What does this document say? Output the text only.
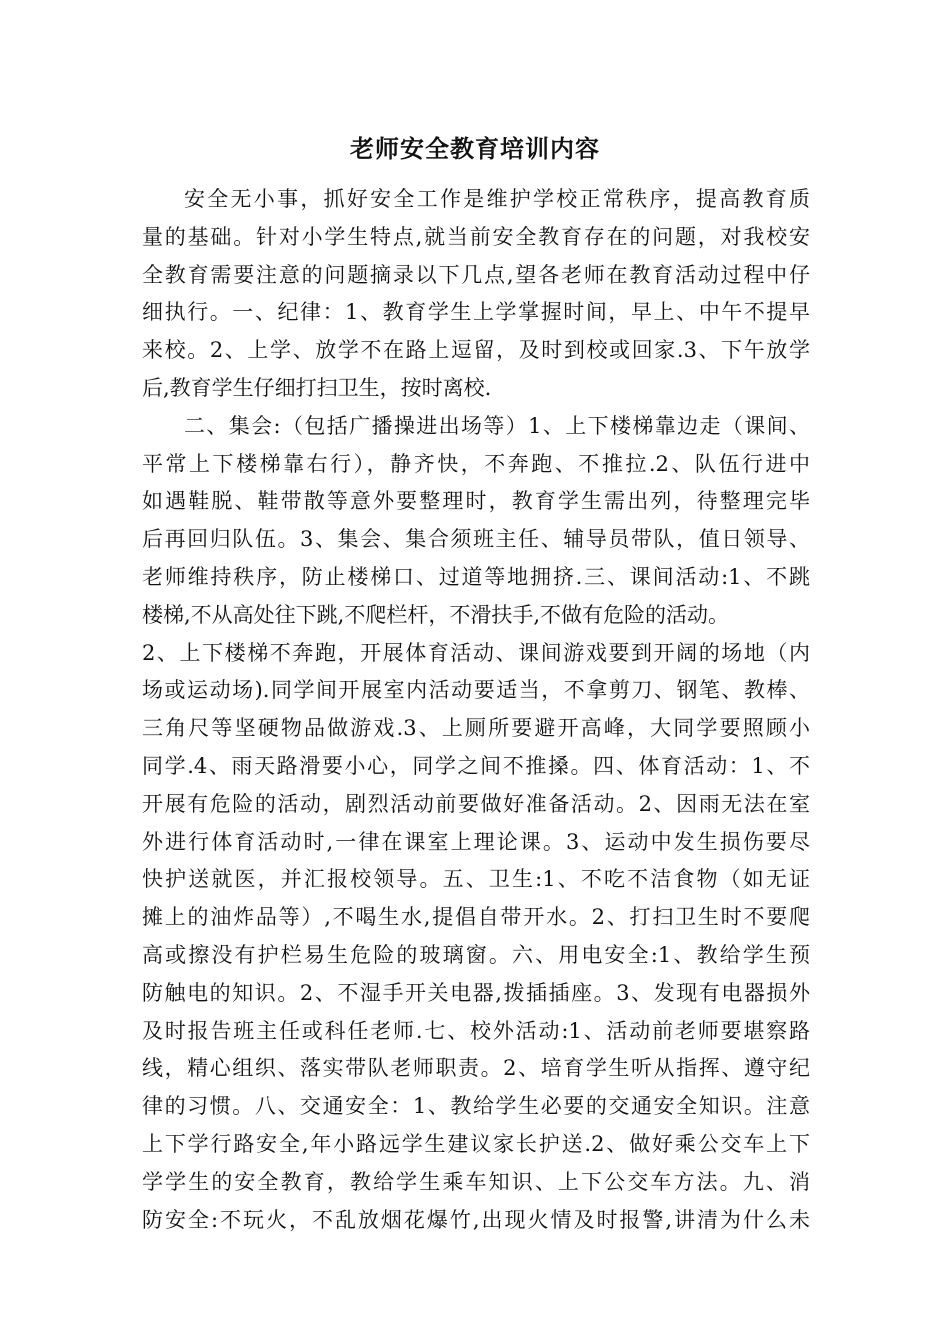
老师安全教育培训内容
安全无小事，抓好安全工作是维护学校正常秩序，提高教育质
量的基础。针对小学生特点,就当前安全教育存在的问题，对我校安
全教育需要注意的问题摘录以下几点,望各老师在教育活动过程中仔
细执行。一、纪律：1、教育学生上学掌握时间，早上、中午不提早
来校。2、上学、放学不在路上逗留，及时到校或回家.3、下午放学
后,教育学生仔细打扫卫生，按时离校.
二、集会:（包括广播操进出场等）1、上下楼梯靠边走（课间、
平常上下楼梯靠右行），静齐快，不奔跑、不推拉.2、队伍行进中
如遇鞋脱、鞋带散等意外要整理时，教育学生需出列，待整理完毕
后再回归队伍。3、集会、集合须班主任、辅导员带队，值日领导、
老师维持秩序，防止楼梯口、过道等地拥挤.三、课间活动:1、不跳
楼梯,不从高处往下跳,不爬栏杆，不滑扶手,不做有危险的活动。
2、上下楼梯不奔跑，开展体育活动、课间游戏要到开阔的场地（内
场或运动场).同学间开展室内活动要适当，不拿剪刀、钢笔、教棒、
三角尺等坚硬物品做游戏.3、上厕所要避开高峰，大同学要照顾小
同学.4、雨天路滑要小心，同学之间不推搡。四、体育活动：1、不
开展有危险的活动，剧烈活动前要做好准备活动。2、因雨无法在室
外进行体育活动时,一律在课室上理论课。3、运动中发生损伤要尽
快护送就医，并汇报校领导。五、卫生:1、不吃不洁食物（如无证
摊上的油炸品等）,不喝生水,提倡自带开水。2、打扫卫生时不要爬
高或擦没有护栏易生危险的玻璃窗。六、用电安全:1、教给学生预
防触电的知识。2、不湿手开关电器,拨插插座。3、发现有电器损外
及时报告班主任或科任老师.七、校外活动:1、活动前老师要堪察路
线，精心组织、落实带队老师职责。2、培育学生听从指挥、遵守纪
律的习惯。八、交通安全：1、教给学生必要的交通安全知识。注意
上下学行路安全,年小路远学生建议家长护送.2、做好乘公交车上下
学学生的安全教育，教给学生乘车知识、上下公交车方法。九、消
防安全:不玩火，不乱放烟花爆竹,出现火情及时报警,讲清为什么未
